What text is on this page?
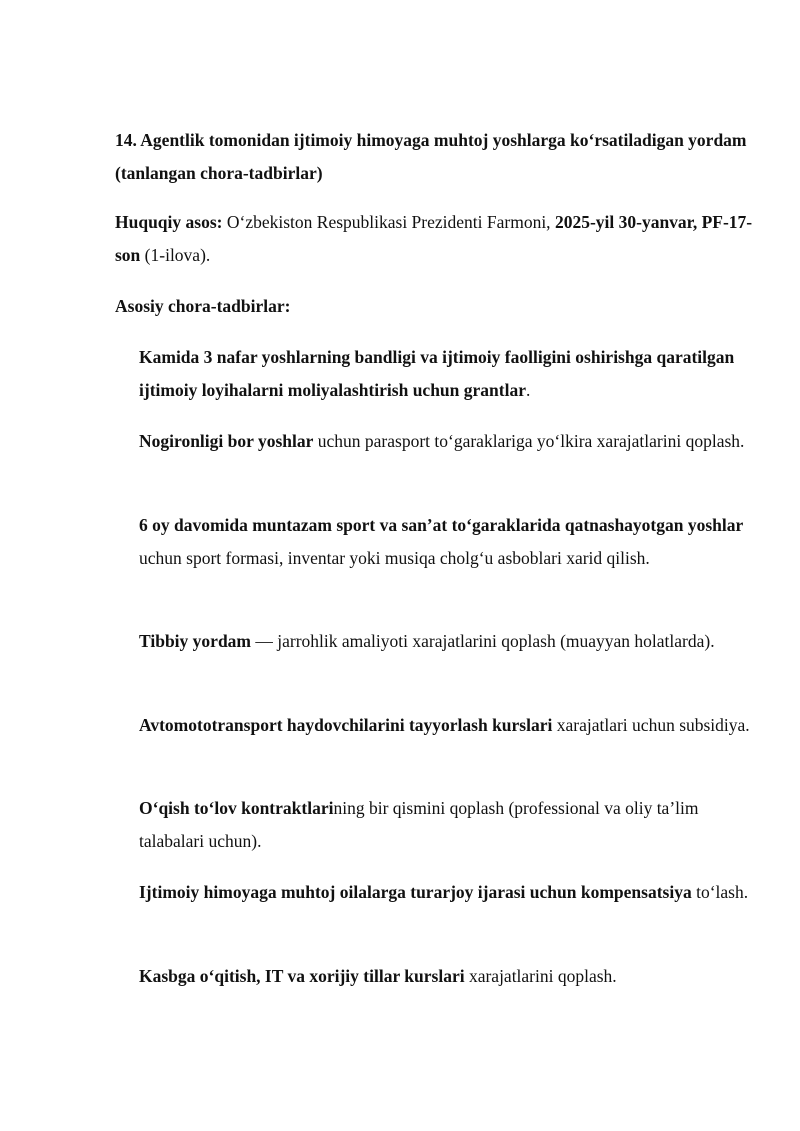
14. Agentlik tomonidan ijtimoiy himoyaga muhtoj yoshlarga koʻrsatiladigan yordam (tanlangan chora-tadbirlar)

Huquqiy asos: Oʻzbekiston Respublikasi Prezidenti Farmoni, 2025-yil 30-yanvar, PF-17-son (1-ilova).

Asosiy chora-tadbirlar:

Kamida 3 nafar yoshlarning bandligi va ijtimoiy faolligini oshirishga qaratilgan ijtimoiy loyihalarni moliyalashtirish uchun grantlar.

Nogironligi bor yoshlar uchun parasport toʻgaraklariga yoʻlkira xarajatlarini qoplash.

6 oy davomida muntazam sport va san’at toʻgaraklarida qatnashayotgan yoshlar uchun sport formasi, inventar yoki musiqa cholgʻu asboblari xarid qilish.

Tibbiy yordam — jarrohlik amaliyoti xarajatlarini qoplash (muayyan holatlarda).

Avtomototransport haydovchilarini tayyorlash kurslari xarajatlari uchun subsidiya.

Oʻqish toʻlov kontraktlarining bir qismini qoplash (professional va oliy ta’lim talabalari uchun).

Ijtimoiy himoyaga muhtoj oilalarga turarjoy ijarasi uchun kompensatsiya toʻlash.

Kasbga oʻqitish, IT va xorijiy tillar kurslari xarajatlarini qoplash.
